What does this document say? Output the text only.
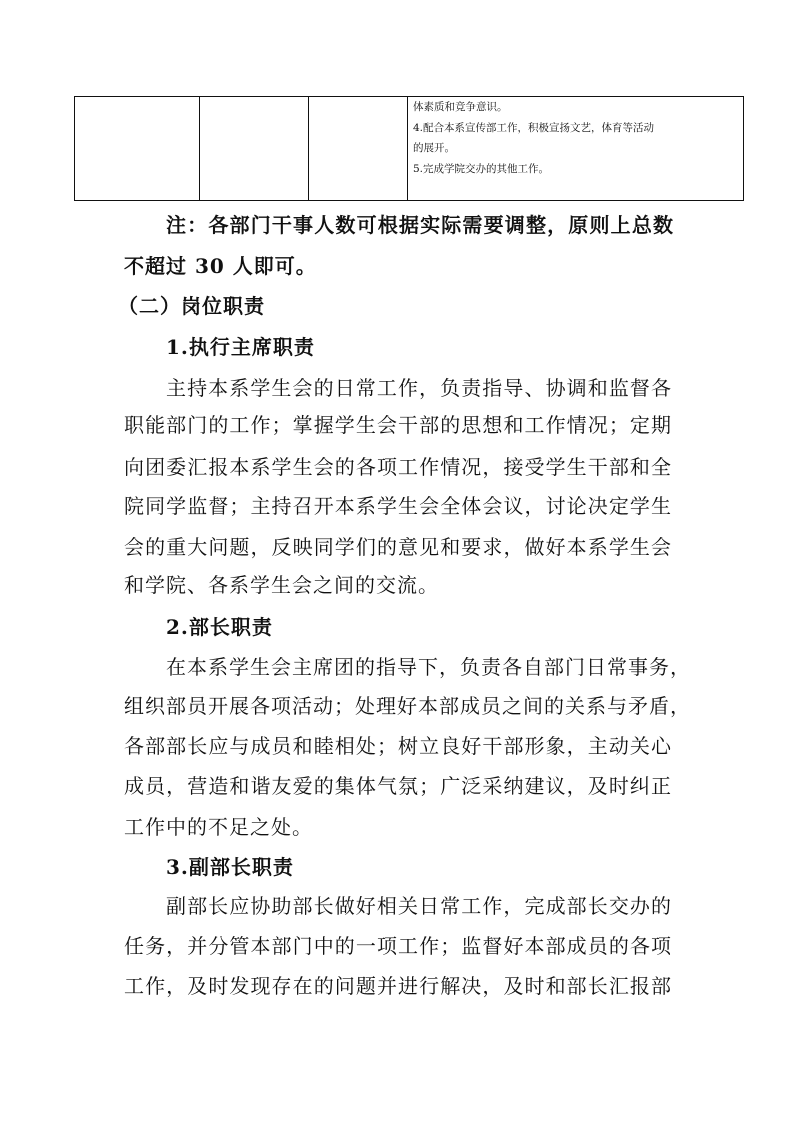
体素质和竞争意识。
4.配合本系宣传部工作，积极宣扬文艺，体育等活动
的展开。
5.完成学院交办的其他工作。
注：各部门干事人数可根据实际需要调整，原则上总数
不超过 30 人即可。
（二）岗位职责
1.执行主席职责
主持本系学生会的日常工作，负责指导、协调和监督各
职能部门的工作；掌握学生会干部的思想和工作情况；定期
向团委汇报本系学生会的各项工作情况，接受学生干部和全
院同学监督；主持召开本系学生会全体会议，讨论决定学生
会的重大问题，反映同学们的意见和要求，做好本系学生会
和学院、各系学生会之间的交流。
2.部长职责
在本系学生会主席团的指导下，负责各自部门日常事务，
组织部员开展各项活动；处理好本部成员之间的关系与矛盾，
各部部长应与成员和睦相处；树立良好干部形象，主动关心
成员，营造和谐友爱的集体气氛；广泛采纳建议，及时纠正
工作中的不足之处。
3.副部长职责
副部长应协助部长做好相关日常工作，完成部长交办的
任务，并分管本部门中的一项工作；监督好本部成员的各项
工作，及时发现存在的问题并进行解决，及时和部长汇报部
